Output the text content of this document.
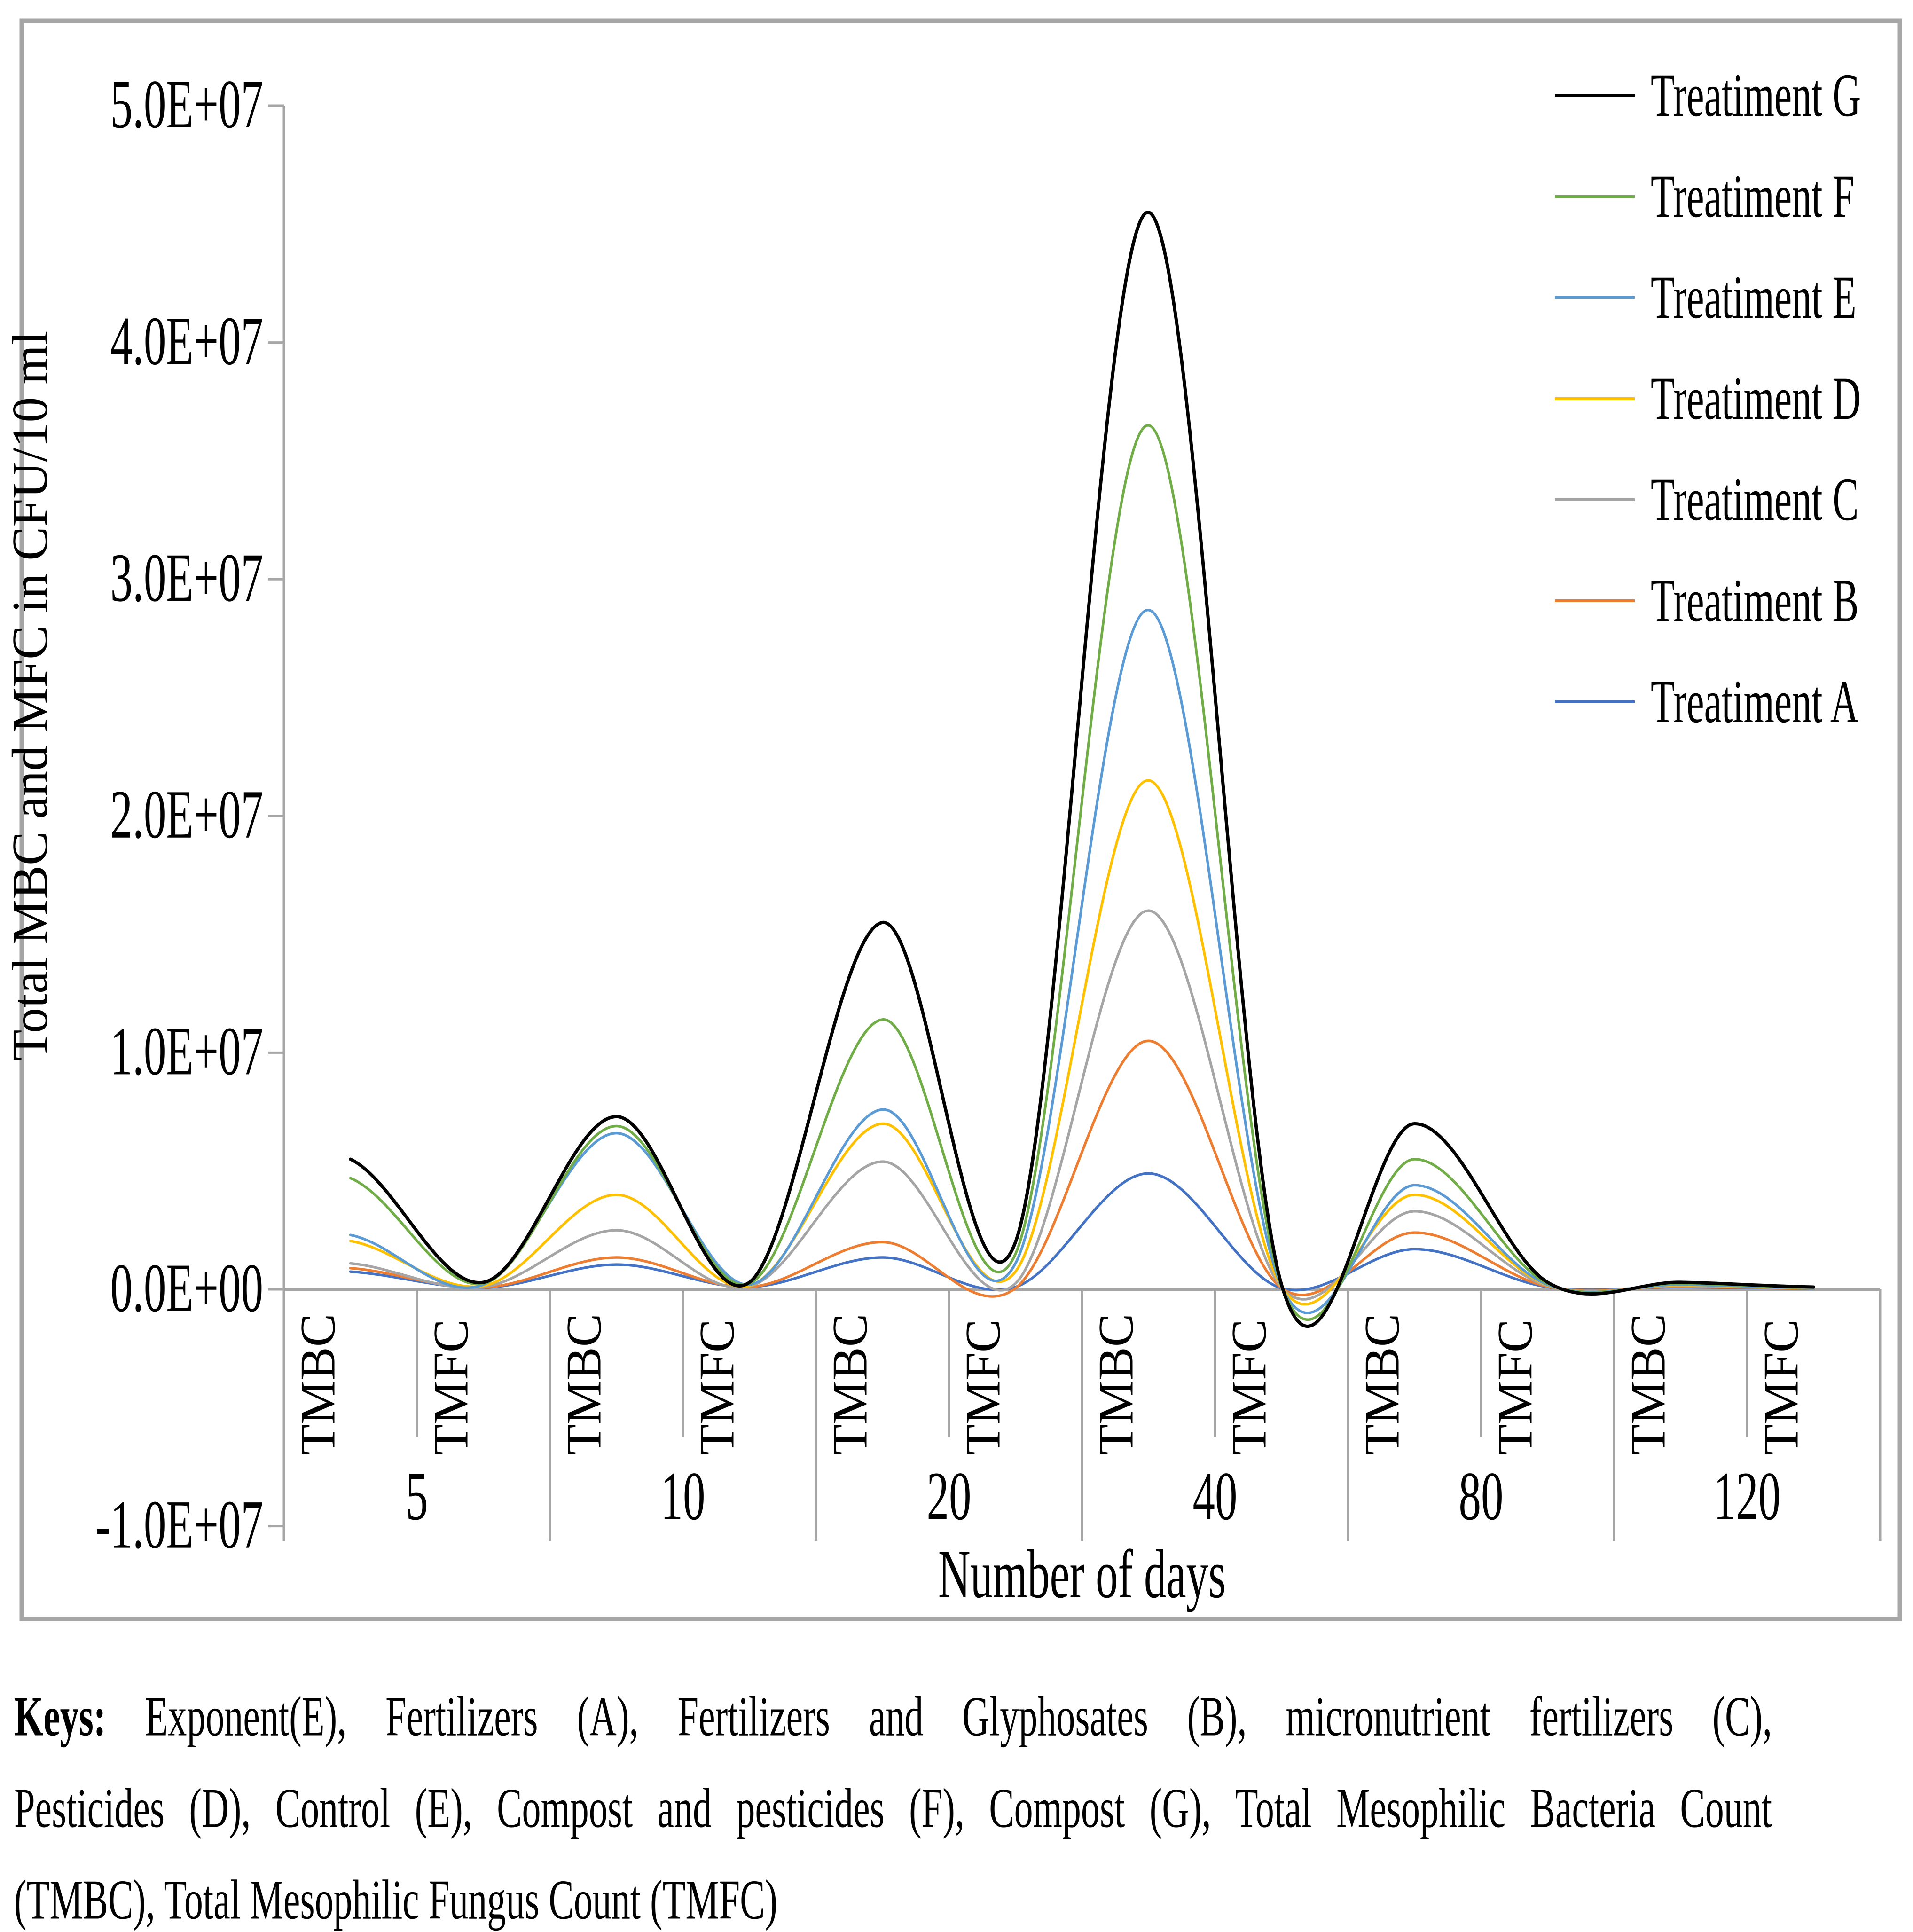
5.0E+07
4.0E+07
3.0E+07
2.0E+07
1.0E+07
0.0E+00
-1.0E+07
TMBC TMFC TMBC TMFC TMBC TMFC TMBC TMFC TMBC TMFC TMBC TMFC
5	10	20	40	80	120
Number of days
Total MBC and MFC in CFU/10 ml
Treatiment G
Treatiment F
Treatiment E
Treatiment D
Treatiment C
Treatiment B
Treatiment A
Keys: Exponent(E), Fertilizers (A), Fertilizers and Glyphosates (B), micronutrient fertilizers (C),
Pesticides (D), Control (E), Compost and pesticides (F), Compost (G), Total Mesophilic Bacteria Count
(TMBC), Total Mesophilic Fungus Count (TMFC)
